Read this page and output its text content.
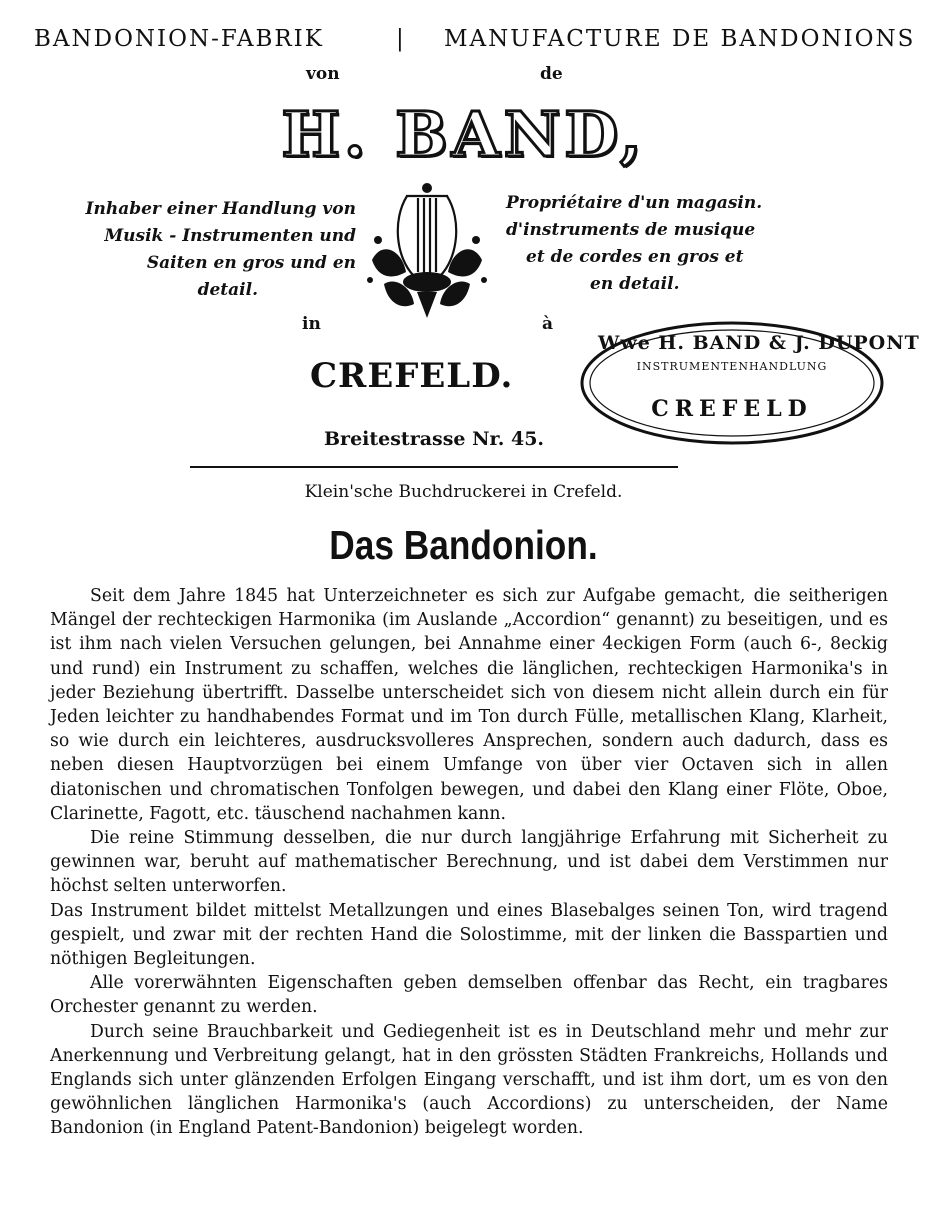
BANDONION-FABRIK	| MANUFACTURE DE BANDONIONS
von	de
H. BAND,
Inhaber einer Handlung von
Musik - Instrumenten und
Saiten en gros und en
detail.
Propriétaire d'un magasin.
d'instruments de musique
et de cordes en gros et
en detail.
in	à
CREFELD.
Breitestrasse Nr. 45.
Wwe H. BAND & J. DUPONT
INSTRUMENTENHANDLUNG
CREFELD
Klein'sche Buchdruckerei in Crefeld.
Das Bandonion.

Seit dem Jahre 1845 hat Unterzeichneter es sich zur Aufgabe gemacht, die seitherigen Mängel der rechteckigen Harmonika (im Auslande „Accordion“ genannt) zu beseitigen, und es ist ihm nach vielen Versuchen gelungen, bei Annahme einer 4eckigen Form (auch 6-, 8eckig und rund) ein Instrument zu schaffen, welches die länglichen, rechteckigen Harmonika's in jeder Beziehung übertrifft. Dasselbe unterscheidet sich von diesem nicht allein durch ein für Jeden leichter zu handhabendes Format und im Ton durch Fülle, metallischen Klang, Klarheit, so wie durch ein leichteres, ausdrucksvolleres Ansprechen, sondern auch dadurch, dass es neben diesen Hauptvorzügen bei einem Umfange von über vier Octaven sich in allen diatonischen und chromatischen Tonfolgen bewegen, und dabei den Klang einer Flöte, Oboe, Clarinette, Fagott, etc. täuschend nachahmen kann.

Die reine Stimmung desselben, die nur durch langjährige Erfahrung mit Sicherheit zu gewinnen war, beruht auf mathematischer Berechnung, und ist dabei dem Verstimmen nur höchst selten unterworfen.

Das Instrument bildet mittelst Metallzungen und eines Blasebalges seinen Ton, wird tragend gespielt, und zwar mit der rechten Hand die Solostimme, mit der linken die Basspartien und nöthigen Begleitungen.

Alle vorerwähnten Eigenschaften geben demselben offenbar das Recht, ein tragbares Orchester genannt zu werden.

Durch seine Brauchbarkeit und Gediegenheit ist es in Deutschland mehr und mehr zur Anerkennung und Verbreitung gelangt, hat in den grössten Städten Frankreichs, Hollands und Englands sich unter glänzenden Erfolgen Eingang verschafft, und ist ihm dort, um es von den gewöhnlichen länglichen Harmonika's (auch Accordions) zu unterscheiden, der Name Bandonion (in England Patent-Bandonion) beigelegt worden.
